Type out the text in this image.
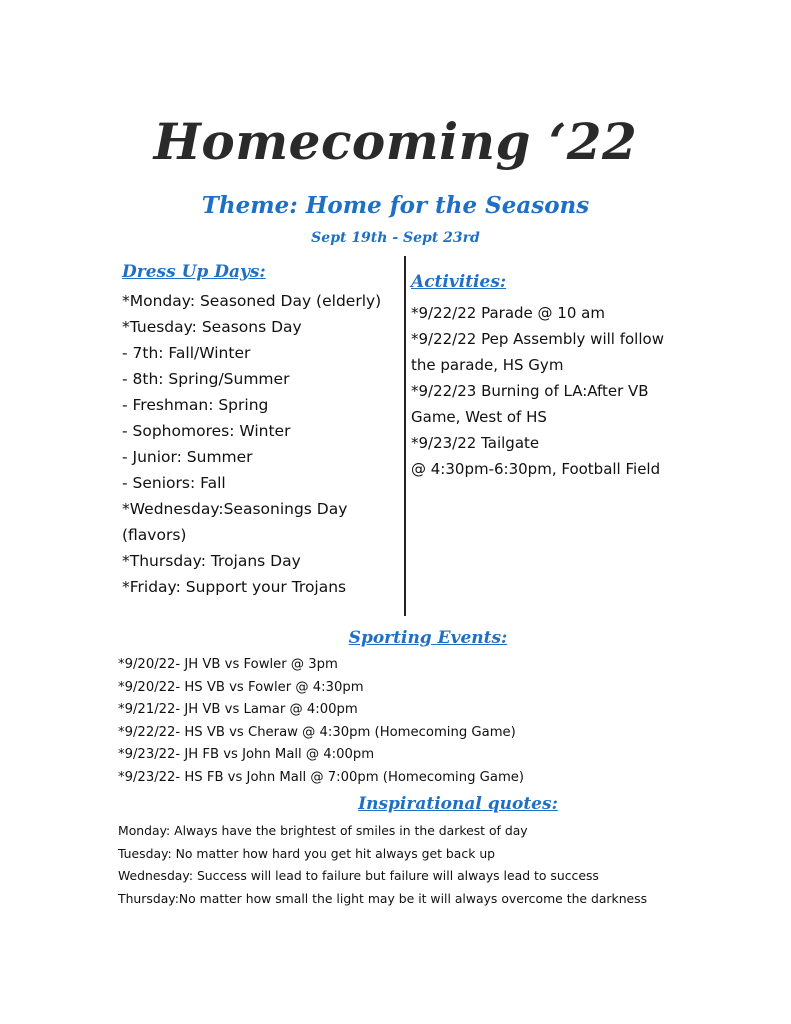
Homecoming ‘22
Theme: Home for the Seasons
Sept 19th - Sept 23rd
Dress Up Days:
*Monday: Seasoned Day (elderly)
*Tuesday: Seasons Day
- 7th: Fall/Winter
- 8th: Spring/Summer
- Freshman: Spring
- Sophomores: Winter
- Junior: Summer
- Seniors: Fall
*Wednesday:Seasonings Day (flavors)
*Thursday: Trojans Day
*Friday: Support your Trojans
Activities:
*9/22/22 Parade @ 10 am
*9/22/22 Pep Assembly will follow the parade, HS Gym
*9/22/23 Burning of LA:After VB Game, West of HS
*9/23/22 Tailgate
@ 4:30pm-6:30pm, Football Field
Sporting Events:
*9/20/22- JH VB vs Fowler @ 3pm
*9/20/22- HS VB vs Fowler @ 4:30pm
*9/21/22- JH VB vs Lamar @ 4:00pm
*9/22/22- HS VB vs Cheraw @ 4:30pm (Homecoming Game)
*9/23/22- JH FB vs John Mall @ 4:00pm
*9/23/22- HS FB vs John Mall @ 7:00pm (Homecoming Game)
Inspirational quotes:
Monday: Always have the brightest of smiles in the darkest of day
Tuesday: No matter how hard you get hit always get back up
Wednesday: Success will lead to failure but failure will always lead to success
Thursday:No matter how small the light may be it will always overcome the darkness
